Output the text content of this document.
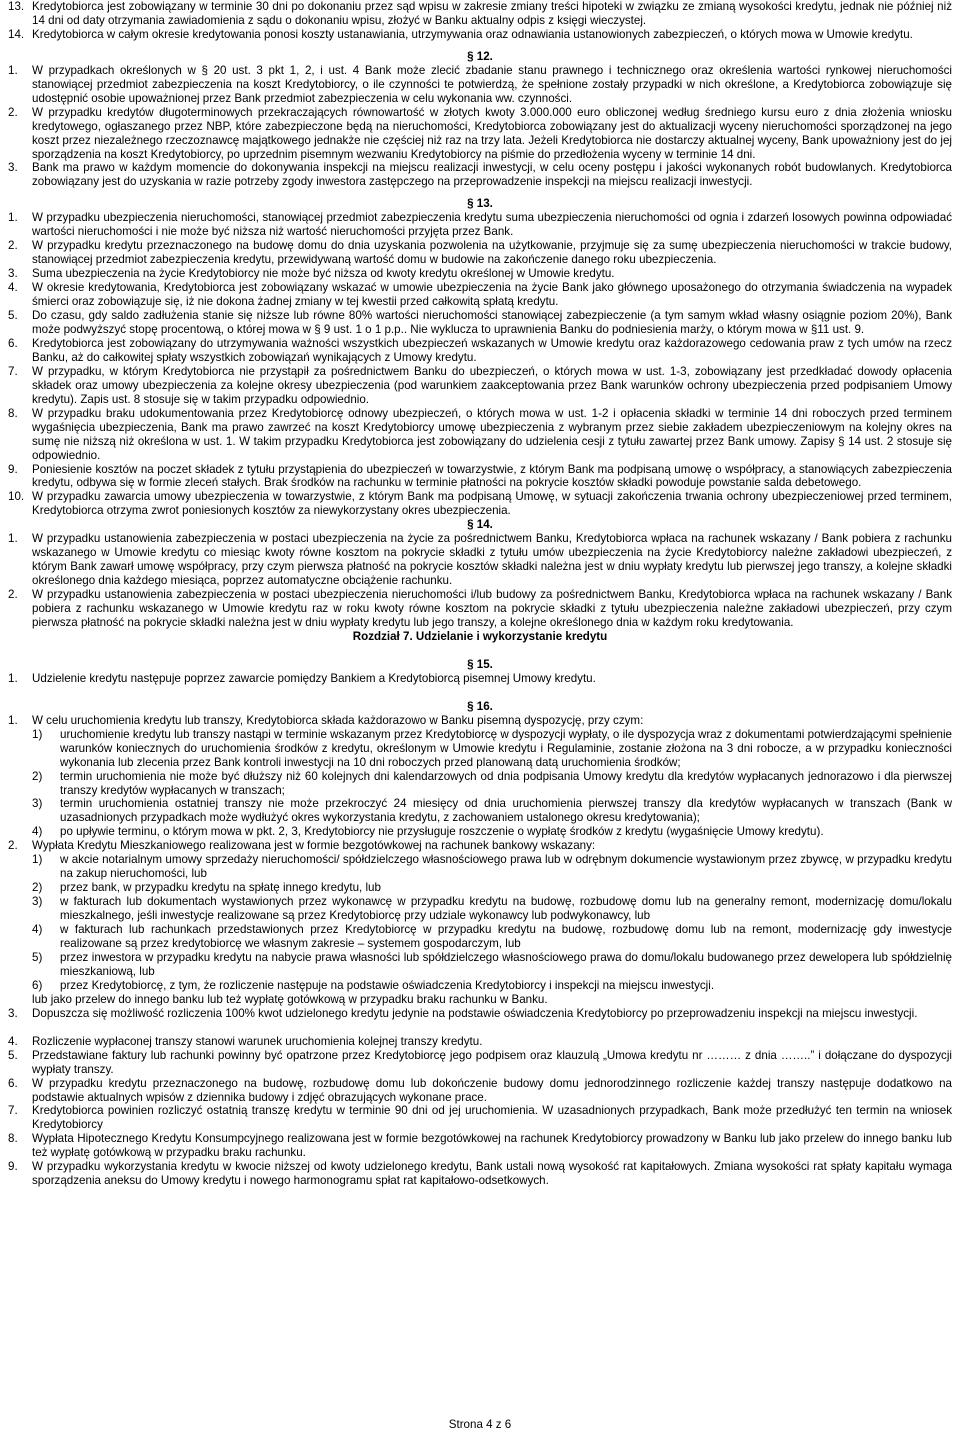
13. Kredytobiorca jest zobowiązany w terminie 30 dni po dokonaniu przez sąd wpisu w zakresie zmiany treści hipoteki w związku ze zmianą wysokości kredytu, jednak nie później niż 14 dni od daty otrzymania zawiadomienia z sądu o dokonaniu wpisu, złożyć w Banku aktualny odpis z księgi wieczystej.

14. Kredytobiorca w całym okresie kredytowania ponosi koszty ustanawiania, utrzymywania oraz odnawiania ustanowionych zabezpieczeń, o których mowa w Umowie kredytu.

§ 12.

1.	W przypadkach określonych w § 20 ust. 3 pkt 1, 2, i ust. 4 Bank może zlecić zbadanie stanu prawnego i technicznego oraz określenia wartości rynkowej nieruchomości stanowiącej przedmiot zabezpieczenia na koszt Kredytobiorcy, o ile czynności te potwierdzą, że spełnione zostały przypadki w nich określone, a Kredytobiorca zobowiązuje się udostępnić osobie upoważnionej przez Bank przedmiot zabezpieczenia w celu wykonania ww. czynności.

2.	W przypadku kredytów długoterminowych przekraczających równowartość w złotych kwoty 3.000.000 euro obliczonej według średniego kursu euro z dnia złożenia wniosku kredytowego, ogłaszanego przez NBP, które zabezpieczone będą na nieruchomości, Kredytobiorca zobowiązany jest do aktualizacji wyceny nieruchomości sporządzonej na jego koszt przez niezależnego rzeczoznawcę majątkowego jednakże nie częściej niż raz na trzy lata. Jeżeli Kredytobiorca nie dostarczy aktualnej wyceny, Bank upoważniony jest do jej sporządzenia na koszt Kredytobiorcy, po uprzednim pisemnym wezwaniu Kredytobiorcy na piśmie do przedłożenia wyceny w terminie 14 dni.

3.	Bank ma prawo w każdym momencie do dokonywania inspekcji na miejscu realizacji inwestycji, w celu oceny postępu i jakości wykonanych robót budowlanych. Kredytobiorca zobowiązany jest do uzyskania w razie potrzeby zgody inwestora zastępczego na przeprowadzenie inspekcji na miejscu realizacji inwestycji.

§ 13.

1.	W przypadku ubezpieczenia nieruchomości, stanowiącej przedmiot zabezpieczenia kredytu suma ubezpieczenia nieruchomości od ognia i zdarzeń losowych powinna odpowiadać wartości nieruchomości i nie może być niższa niż wartość nieruchomości przyjęta przez Bank.

2.	W przypadku kredytu przeznaczonego na budowę domu do dnia uzyskania pozwolenia na użytkowanie, przyjmuje się za sumę ubezpieczenia nieruchomości w trakcie budowy, stanowiącej przedmiot zabezpieczenia kredytu, przewidywaną wartość domu w budowie na zakończenie danego roku ubezpieczenia.

3.	Suma ubezpieczenia na życie Kredytobiorcy nie może być niższa od kwoty kredytu określonej w Umowie kredytu.

4.	W okresie kredytowania, Kredytobiorca jest zobowiązany wskazać w umowie ubezpieczenia na życie Bank jako głównego uposażonego do otrzymania świadczenia na wypadek śmierci oraz zobowiązuje się, iż nie dokona żadnej zmiany w tej kwestii przed całkowitą spłatą kredytu.

5.	Do czasu, gdy saldo zadłużenia stanie się niższe lub równe 80% wartości nieruchomości stanowiącej zabezpieczenie (a tym samym wkład własny osiągnie poziom 20%), Bank może podwyższyć stopę procentową, o której mowa w § 9 ust. 1 o 1 p.p.. Nie wyklucza to uprawnienia Banku do podniesienia marży, o którym mowa w §11 ust. 9.

6.	Kredytobiorca jest zobowiązany do utrzymywania ważności wszystkich ubezpieczeń wskazanych w Umowie kredytu oraz każdorazowego cedowania praw z tych umów na rzecz Banku, aż do całkowitej spłaty wszystkich zobowiązań wynikających z Umowy kredytu.

7.	W przypadku, w którym Kredytobiorca nie przystąpił za pośrednictwem Banku do ubezpieczeń, o których mowa w ust. 1-3, zobowiązany jest przedkładać dowody opłacenia składek oraz umowy ubezpieczenia za kolejne okresy ubezpieczenia (pod warunkiem zaakceptowania przez Bank warunków ochrony ubezpieczenia przed podpisaniem Umowy kredytu). Zapis ust. 8 stosuje się w takim przypadku odpowiednio.

8.	W przypadku braku udokumentowania przez Kredytobiorcę odnowy ubezpieczeń, o których mowa w ust. 1-2 i opłacenia składki w terminie 14 dni roboczych przed terminem wygaśnięcia ubezpieczenia, Bank ma prawo zawrzeć na koszt Kredytobiorcy umowę ubezpieczenia z wybranym przez siebie zakładem ubezpieczeniowym na kolejny okres na sumę nie niższą niż określona w ust. 1. W takim przypadku Kredytobiorca jest zobowiązany do udzielenia cesji z tytułu zawartej przez Bank umowy. Zapisy § 14 ust. 2 stosuje się odpowiednio.

9.	Poniesienie kosztów na poczet składek z tytułu przystąpienia do ubezpieczeń w towarzystwie, z którym Bank ma podpisaną umowę o współpracy, a stanowiących zabezpieczenia kredytu, odbywa się w formie zleceń stałych. Brak środków na rachunku w terminie płatności na pokrycie kosztów składki powoduje powstanie salda debetowego.

10. W przypadku zawarcia umowy ubezpieczenia w towarzystwie, z którym Bank ma podpisaną Umowę, w sytuacji zakończenia trwania ochrony ubezpieczeniowej przed terminem, Kredytobiorca otrzyma zwrot poniesionych kosztów za niewykorzystany okres ubezpieczenia.

§ 14.

1.	W przypadku ustanowienia zabezpieczenia w postaci ubezpieczenia na życie za pośrednictwem Banku, Kredytobiorca wpłaca na rachunek wskazany / Bank pobiera z rachunku wskazanego w Umowie kredytu co miesiąc kwoty równe kosztom na pokrycie składki z tytułu umów ubezpieczenia na życie Kredytobiorcy należne zakładowi ubezpieczeń, z którym Bank zawarł umowę współpracy, przy czym pierwsza płatność na pokrycie kosztów składki należna jest w dniu wypłaty kredytu lub pierwszej jego transzy, a kolejne składki określonego dnia każdego miesiąca, poprzez automatyczne obciążenie rachunku.

2.	W przypadku ustanowienia zabezpieczenia w postaci ubezpieczenia nieruchomości i/lub budowy za pośrednictwem Banku, Kredytobiorca wpłaca na rachunek wskazany / Bank pobiera z rachunku wskazanego w Umowie kredytu raz w roku kwoty równe kosztom na pokrycie składki z tytułu ubezpieczenia należne zakładowi ubezpieczeń, przy czym pierwsza płatność na pokrycie składki należna jest w dniu wypłaty kredytu lub jego transzy, a kolejne określonego dnia w każdym roku kredytowania.

Rozdział 7. Udzielanie i wykorzystanie kredytu

§ 15.

1.	Udzielenie kredytu następuje poprzez zawarcie pomiędzy Bankiem a Kredytobiorcą pisemnej Umowy kredytu.

§ 16.

1.	W celu uruchomienia kredytu lub transzy, Kredytobiorca składa każdorazowo w Banku pisemną dyspozycję, przy czym:

1)	uruchomienie kredytu lub transzy nastąpi w terminie wskazanym przez Kredytobiorcę w dyspozycji wypłaty, o ile dyspozycja wraz z dokumentami potwierdzającymi spełnienie warunków koniecznych do uruchomienia środków z kredytu, określonym w Umowie kredytu i Regulaminie, zostanie złożona na 3 dni robocze, a w przypadku konieczności wykonania lub zlecenia przez Bank kontroli inwestycji na 10 dni roboczych przed planowaną datą uruchomienia środków;

2)	termin uruchomienia nie może być dłuższy niż 60 kolejnych dni kalendarzowych od dnia podpisania Umowy kredytu dla kredytów wypłacanych jednorazowo i dla pierwszej transzy kredytów wypłacanych w transzach;

3)	termin uruchomienia ostatniej transzy nie może przekroczyć 24 miesięcy od dnia uruchomienia pierwszej transzy dla kredytów wypłacanych w transzach (Bank w uzasadnionych przypadkach może wydłużyć okres wykorzystania kredytu, z zachowaniem ustalonego okresu kredytowania);

4)	po upływie terminu, o którym mowa w pkt. 2, 3, Kredytobiorcy nie przysługuje roszczenie o wypłatę środków z kredytu (wygaśnięcie Umowy kredytu).

2.	Wypłata Kredytu Mieszkaniowego realizowana jest w formie bezgotówkowej na rachunek bankowy wskazany:

1)	w akcie notarialnym umowy sprzedaży nieruchomości/ spółdzielczego własnościowego prawa lub w odrębnym dokumencie wystawionym przez zbywcę, w przypadku kredytu na zakup nieruchomości, lub

2)	przez bank, w przypadku kredytu na spłatę innego kredytu, lub

3)	w fakturach lub dokumentach wystawionych przez wykonawcę w przypadku kredytu na budowę, rozbudowę domu lub na generalny remont, modernizację domu/lokalu mieszkalnego, jeśli inwestycje realizowane są przez Kredytobiorcę przy udziale wykonawcy lub podwykonawcy, lub

4)	w fakturach lub rachunkach przedstawionych przez Kredytobiorcę w przypadku kredytu na budowę, rozbudowę domu lub na remont, modernizację gdy inwestycje realizowane są przez kredytobiorcę we własnym zakresie – systemem gospodarczym, lub

5)	przez inwestora w przypadku kredytu na nabycie prawa własności lub spółdzielczego własnościowego prawa do domu/lokalu budowanego przez dewelopera lub spółdzielnię mieszkaniową, lub

6)	przez Kredytobiorcę, z tym, że rozliczenie następuje na podstawie oświadczenia Kredytobiorcy i inspekcji na miejscu inwestycji.

lub jako przelew do innego banku lub też wypłatę gotówkową w przypadku braku rachunku w Banku.

3.	Dopuszcza się możliwość rozliczenia 100% kwot udzielonego kredytu jedynie na podstawie oświadczenia Kredytobiorcy po przeprowadzeniu inspekcji na miejscu inwestycji.

4.	Rozliczenie wypłaconej transzy stanowi warunek uruchomienia kolejnej transzy kredytu.

5.	Przedstawiane faktury lub rachunki powinny być opatrzone przez Kredytobiorcę jego podpisem oraz klauzulą „Umowa kredytu nr ……… z dnia ……..” i dołączane do dyspozycji wypłaty transzy.

6.	W przypadku kredytu przeznaczonego na budowę, rozbudowę domu lub dokończenie budowy domu jednorodzinnego rozliczenie każdej transzy następuje dodatkowo na podstawie aktualnych wpisów z dziennika budowy i zdjęć obrazujących wykonane prace.

7.	Kredytobiorca powinien rozliczyć ostatnią transzę kredytu w terminie 90 dni od jej uruchomienia. W uzasadnionych przypadkach, Bank może przedłużyć ten termin na wniosek Kredytobiorcy

8.	Wypłata Hipotecznego Kredytu Konsumpcyjnego realizowana jest w formie bezgotówkowej na rachunek Kredytobiorcy prowadzony w Banku lub jako przelew do innego banku lub też wypłatę gotówkową w przypadku braku rachunku.

9.	W przypadku wykorzystania kredytu w kwocie niższej od kwoty udzielonego kredytu, Bank ustali nową wysokość rat kapitałowych. Zmiana wysokości rat spłaty kapitału wymaga sporządzenia aneksu do Umowy kredytu i nowego harmonogramu spłat rat kapitałowo-odsetkowych.

Strona 4 z 6
